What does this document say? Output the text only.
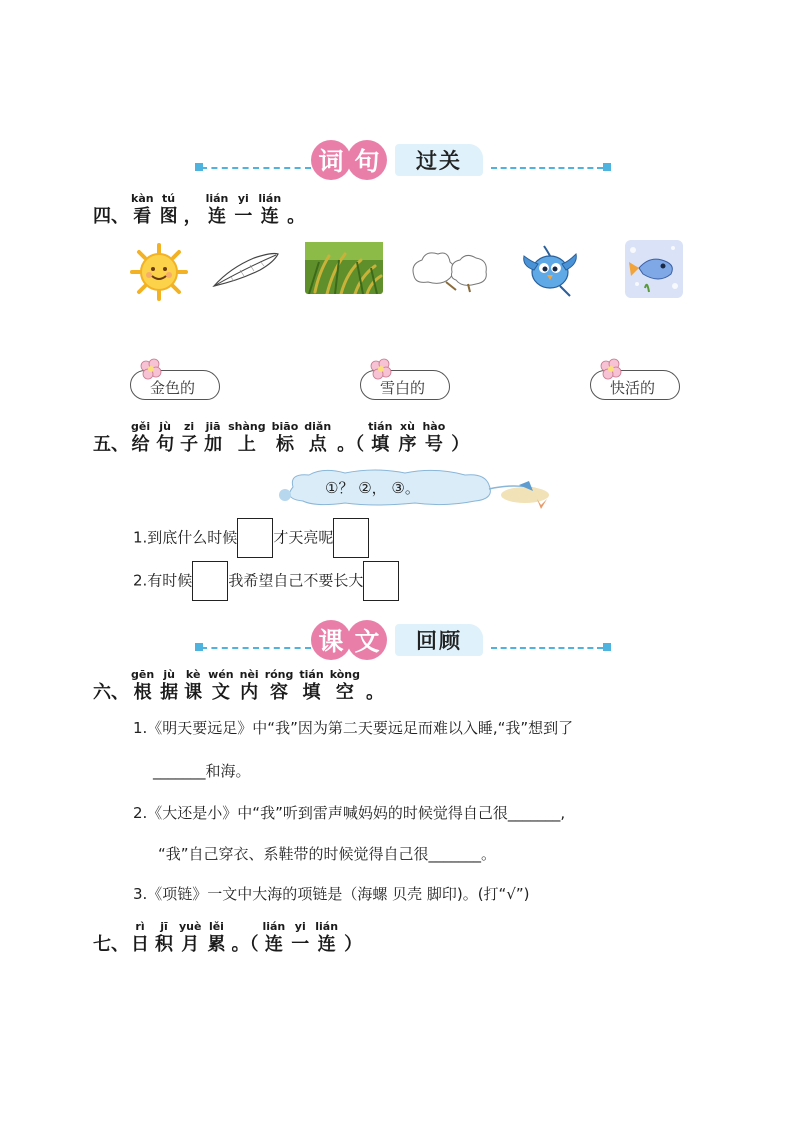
词 句	过关
四、
kàn
看
tú
图 ，
lián
连
yi
一
lián
连 。
金色的	雪白的	快活的
五、
gěi
给
jù
句
zi
子
jiā
加
shàng
上
biāo
标
diǎn
点 。（
tián
填
xù
序
hào
号 ）
①？ ②， ③。
1.到底什么时候 才天亮呢
2.有时候 我希望自己不要长大
课 文	回顾
六、
gēn
根
jù
据
kè
课
wén
文
nèi
内
róng
容
tián
填
kòng
空 。
1.《明天要远足》中“我”因为第二天要远足而难以入睡,“我”想到了
_______和海。
2.《大还是小》中“我”听到雷声喊妈妈的时候觉得自己很_______,
“我”自己穿衣、系鞋带的时候觉得自己很_______。
3.《项链》一文中大海的项链是（海螺 贝壳 脚印)。(打“√”)
七、
rì
日
jī
积
yuè
月
lěi
累 。（
lián
连
yi
一
lián
连 ）
